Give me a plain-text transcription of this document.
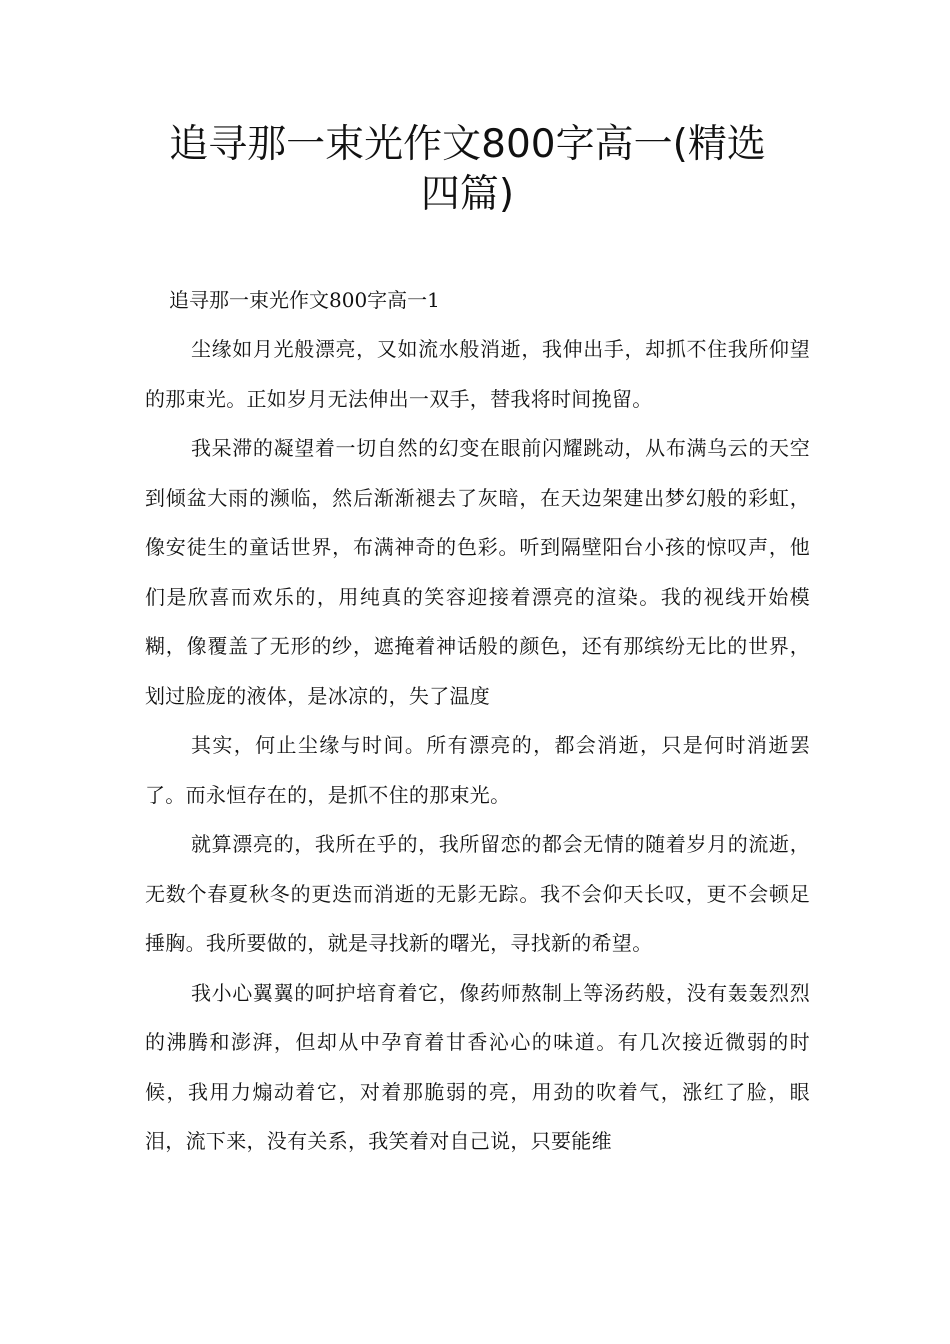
追寻那一束光作文800字高一(精选四篇)
追寻那一束光作文800字高一1

尘缘如月光般漂亮，又如流水般消逝，我伸出手，却抓不住我所仰望的那束光。正如岁月无法伸出一双手，替我将时间挽留。

我呆滞的凝望着一切自然的幻变在眼前闪耀跳动，从布满乌云的天空到倾盆大雨的濒临，然后渐渐褪去了灰暗，在天边架建出梦幻般的彩虹，像安徒生的童话世界，布满神奇的色彩。听到隔壁阳台小孩的惊叹声，他们是欣喜而欢乐的，用纯真的笑容迎接着漂亮的渲染。我的视线开始模糊，像覆盖了无形的纱，遮掩着神话般的颜色，还有那缤纷无比的世界，划过脸庞的液体，是冰凉的，失了温度

其实，何止尘缘与时间。所有漂亮的，都会消逝，只是何时消逝罢了。而永恒存在的，是抓不住的那束光。

就算漂亮的，我所在乎的，我所留恋的都会无情的随着岁月的流逝，无数个春夏秋冬的更迭而消逝的无影无踪。我不会仰天长叹，更不会顿足捶胸。我所要做的，就是寻找新的曙光，寻找新的希望。

我小心翼翼的呵护培育着它，像药师熬制上等汤药般，没有轰轰烈烈的沸腾和澎湃，但却从中孕育着甘香沁心的味道。有几次接近微弱的时候，我用力煽动着它，对着那脆弱的亮，用劲的吹着气，涨红了脸，眼泪，流下来，没有关系，我笑着对自己说，只要能维
